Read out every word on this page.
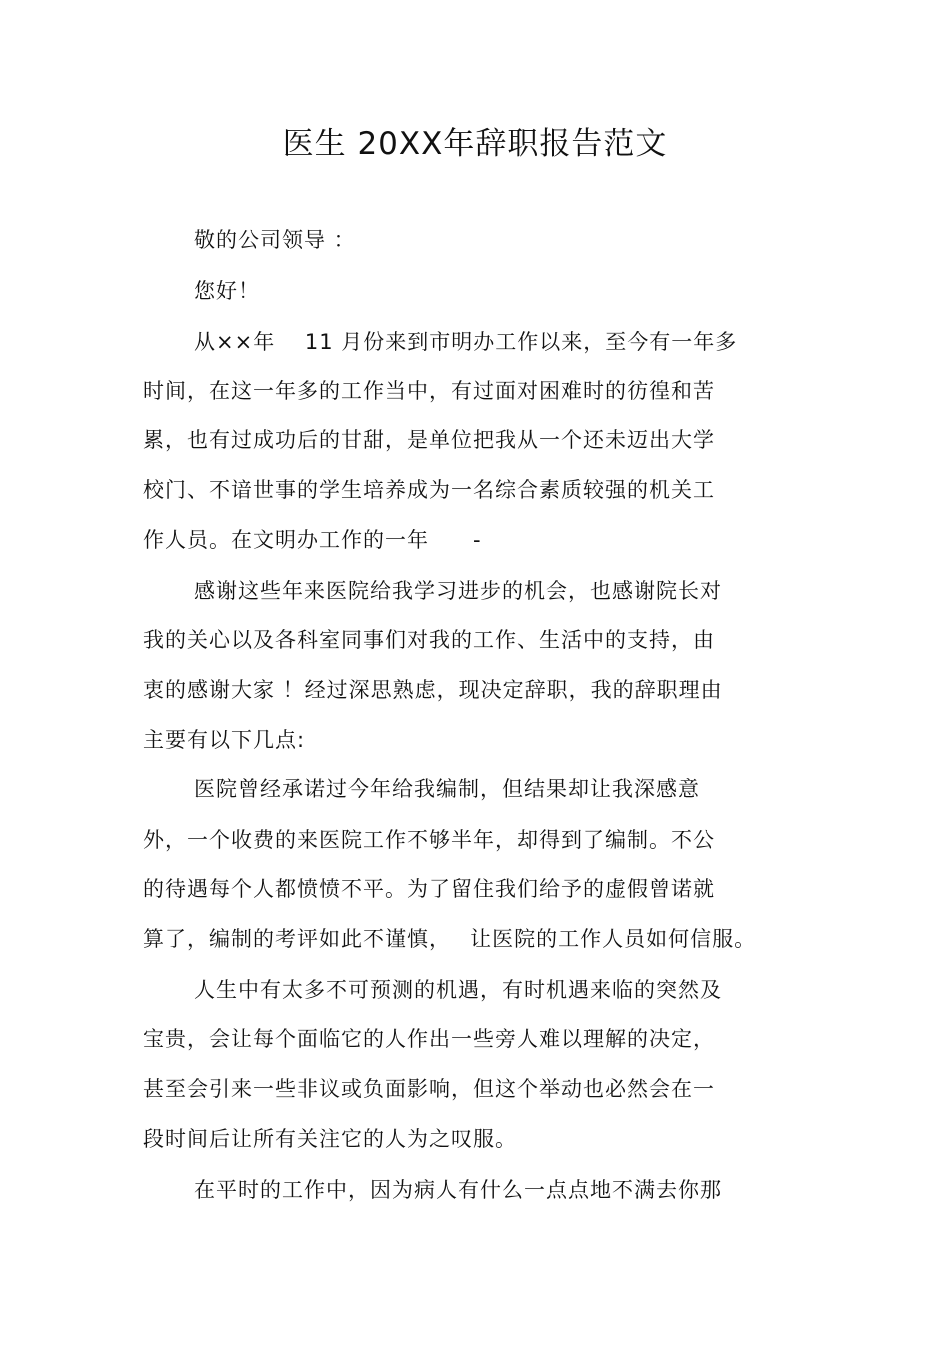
医生 20XX年辞职报告范文
敬的公司领导 ：
您好！
从××年　 11 月份来到市明办工作以来，至今有一年多
时间，在这一年多的工作当中，有过面对困难时的彷徨和苦
累，也有过成功后的甘甜，是单位把我从一个还未迈出大学
校门、不谙世事的学生培养成为一名综合素质较强的机关工
作人员。在文明办工作的一年　　-
感谢这些年来医院给我学习进步的机会，也感谢院长对
我的关心以及各科室同事们对我的工作、生活中的支持，由
衷的感谢大家 ！经过深思熟虑，现决定辞职，我的辞职理由
主要有以下几点:
医院曾经承诺过今年给我编制，但结果却让我深感意
外，一个收费的来医院工作不够半年，却得到了编制。不公
的待遇每个人都愤愤不平。为了留住我们给予的虚假曾诺就
算了，编制的考评如此不谨慎，　 让医院的工作人员如何信服。
人生中有太多不可预测的机遇，有时机遇来临的突然及
宝贵，会让每个面临它的人作出一些旁人难以理解的决定，
甚至会引来一些非议或负面影响，但这个举动也必然会在一
段时间后让所有关注它的人为之叹服。
在平时的工作中，因为病人有什么一点点地不满去你那
